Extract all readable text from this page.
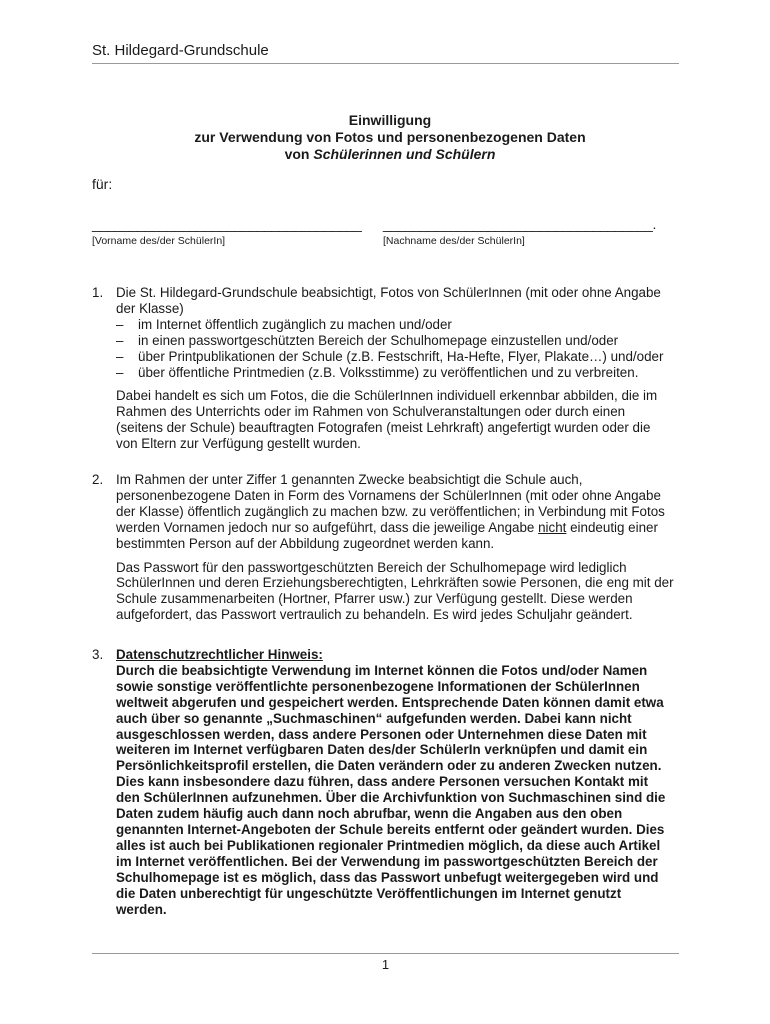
St. Hildegard-Grundschule
Einwilligung
zur Verwendung von Fotos und personenbezogenen Daten
von Schülerinnen und Schülern
für:
____________________________________
[Vorname des/der SchülerIn]
____________________________________.
[Nachname des/der SchülerIn]
1. Die St. Hildegard-Grundschule beabsichtigt, Fotos von SchülerInnen (mit oder ohne Angabe der Klasse)
– im Internet öffentlich zugänglich zu machen und/oder
– in einen passwortgeschützten Bereich der Schulhomepage einzustellen und/oder
– über Printpublikationen der Schule (z.B. Festschrift, Ha-Hefte, Flyer, Plakate…) und/oder
– über öffentliche Printmedien (z.B. Volksstimme) zu veröffentlichen und zu verbreiten.
Dabei handelt es sich um Fotos, die die SchülerInnen individuell erkennbar abbilden, die im Rahmen des Unterrichts oder im Rahmen von Schulveranstaltungen oder durch einen (seitens der Schule) beauftragten Fotografen (meist Lehrkraft) angefertigt wurden oder die von Eltern zur Verfügung gestellt wurden.
2. Im Rahmen der unter Ziffer 1 genannten Zwecke beabsichtigt die Schule auch, personenbezogene Daten in Form des Vornamens der SchülerInnen (mit oder ohne Angabe der Klasse) öffentlich zugänglich zu machen bzw. zu veröffentlichen; in Verbindung mit Fotos werden Vornamen jedoch nur so aufgeführt, dass die jeweilige Angabe nicht eindeutig einer bestimmten Person auf der Abbildung zugeordnet werden kann.
Das Passwort für den passwortgeschützten Bereich der Schulhomepage wird lediglich SchülerInnen und deren Erziehungsberechtigten, Lehrkräften sowie Personen, die eng mit der Schule zusammenarbeiten (Hortner, Pfarrer usw.) zur Verfügung gestellt. Diese werden aufgefordert, das Passwort vertraulich zu behandeln. Es wird jedes Schuljahr geändert.
3. Datenschutzrechtlicher Hinweis:
Durch die beabsichtigte Verwendung im Internet können die Fotos und/oder Namen sowie sonstige veröffentlichte personenbezogene Informationen der SchülerInnen weltweit abgerufen und gespeichert werden. Entsprechende Daten können damit etwa auch über so genannte „Suchmaschinen“ aufgefunden werden. Dabei kann nicht ausgeschlossen werden, dass andere Personen oder Unternehmen diese Daten mit weiteren im Internet verfügbaren Daten des/der SchülerIn verknüpfen und damit ein Persönlichkeitsprofil erstellen, die Daten verändern oder zu anderen Zwecken nutzen. Dies kann insbesondere dazu führen, dass andere Personen versuchen Kontakt mit den SchülerInnen aufzunehmen. Über die Archivfunktion von Suchmaschinen sind die Daten zudem häufig auch dann noch abrufbar, wenn die Angaben aus den oben genannten Internet-Angeboten der Schule bereits entfernt oder geändert wurden. Dies alles ist auch bei Publikationen regionaler Printmedien möglich, da diese auch Artikel im Internet veröffentlichen. Bei der Verwendung im passwortgeschützten Bereich der Schulhomepage ist es möglich, dass das Passwort unbefugt weitergegeben wird und die Daten unberechtigt für ungeschützte Veröffentlichungen im Internet genutzt werden.
1
